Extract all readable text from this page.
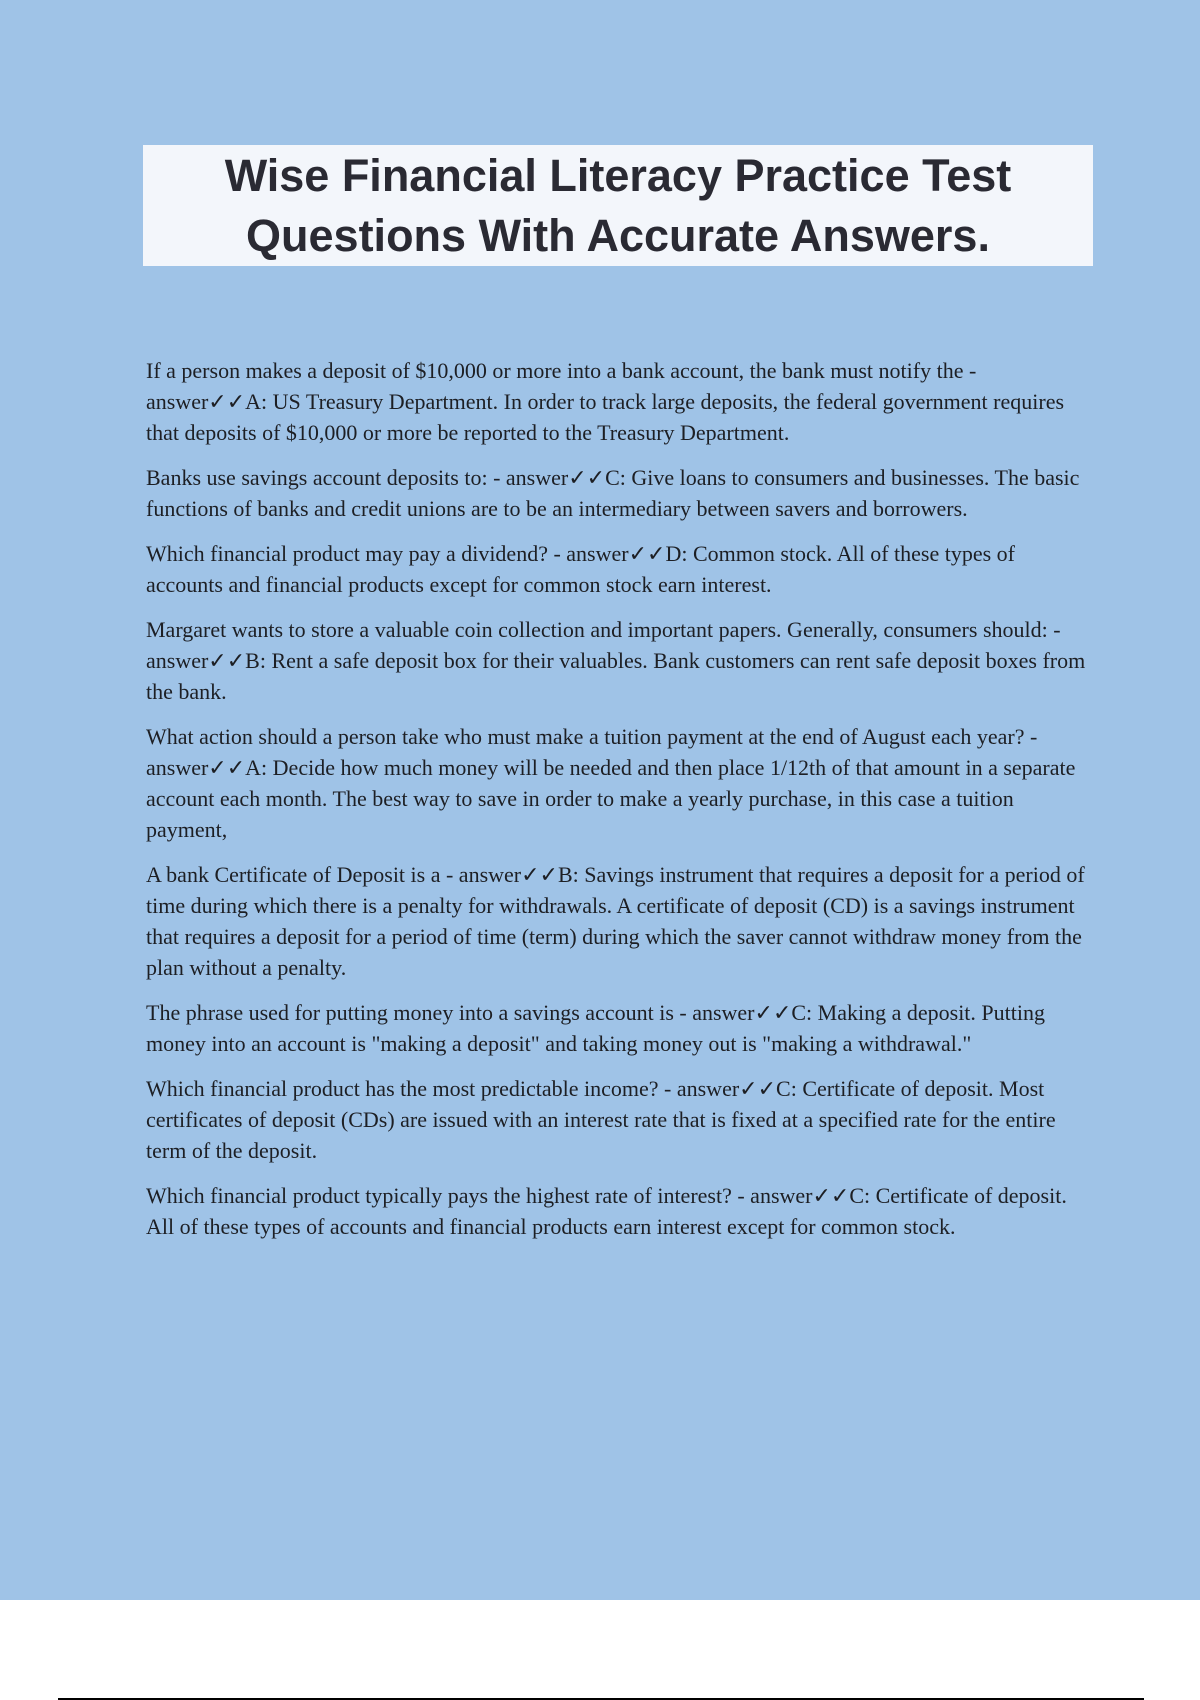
Wise Financial Literacy Practice Test
Questions With Accurate Answers.

If a person makes a deposit of $10,000 or more into a bank account, the bank must notify the - answer✓✓A: US Treasury Department. In order to track large deposits, the federal government requires that deposits of $10,000 or more be reported to the Treasury Department.

Banks use savings account deposits to: - answer✓✓C: Give loans to consumers and businesses. The basic functions of banks and credit unions are to be an intermediary between savers and borrowers.

Which financial product may pay a dividend? - answer✓✓D: Common stock. All of these types of accounts and financial products except for common stock earn interest.

Margaret wants to store a valuable coin collection and important papers. Generally, consumers should: - answer✓✓B: Rent a safe deposit box for their valuables. Bank customers can rent safe deposit boxes from the bank.

What action should a person take who must make a tuition payment at the end of August each year? - answer✓✓A: Decide how much money will be needed and then place 1/12th of that amount in a separate account each month. The best way to save in order to make a yearly purchase, in this case a tuition payment,

A bank Certificate of Deposit is a - answer✓✓B: Savings instrument that requires a deposit for a period of time during which there is a penalty for withdrawals. A certificate of deposit (CD) is a savings instrument that requires a deposit for a period of time (term) during which the saver cannot withdraw money from the plan without a penalty.

The phrase used for putting money into a savings account is - answer✓✓C: Making a deposit. Putting money into an account is "making a deposit" and taking money out is "making a withdrawal."

Which financial product has the most predictable income? - answer✓✓C: Certificate of deposit. Most certificates of deposit (CDs) are issued with an interest rate that is fixed at a specified rate for the entire term of the deposit.

Which financial product typically pays the highest rate of interest? - answer✓✓C: Certificate of deposit. All of these types of accounts and financial products earn interest except for common stock.
